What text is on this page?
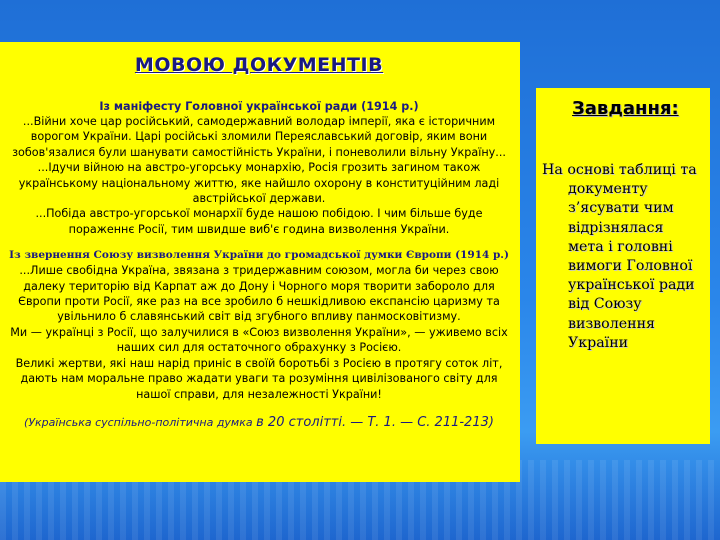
МОВОЮ ДОКУМЕНТІВ
Із маніфесту Головної української ради (1914 р.)

...Війни хоче цар російський, самодержавний володар імперії, яка є історичним ворогом України. Царі російські зломили Переяславський договір, яким вони зобов'язалися були шанувати самостійність України, і поневолили вільну Україну...

...Ідучи війною на австро-угорську монархію, Росія грозить загином також українському національному життю, яке найшло охорону в конституційним ладі австрійської держави.

...Побіда австро-угорської монархії буде нашою побідою. І чим більше буде пораженнє Росії, тим швидше виб'є година визволення України.

Із звернення Союзу визволення України до громадської думки Європи (1914 р.)

...Лише свобідна Україна, звязана з тридержавним союзом, могла би через свою далеку територію від Карпат аж до Дону і Чорного моря творити заборолo для Європи проти Росії, яке раз на все зробило б нешкідливою експансію царизму та увільнило б славянський світ від згубного впливу панмосковітизму.

Ми — українці з Росії, що залучилися в «Союз визволення України», — уживемо всіх наших сил для остаточного обрахунку з Росією.

Великі жертви, які наш нарід приніс в своїй боротьбі з Росією в протягу соток літ, дають нам моральне право жадати уваги та розуміння цивілізованого світу для нашої справи, для незалежності України!

(Українська суспільно-політична думка в 20 столітті. — Т. 1. — С. 211-213)
Завдання:

На основі таблиці та документу з’ясувати чим відрізнялася мета і головні вимоги Головної української ради від Союзу визволення України
